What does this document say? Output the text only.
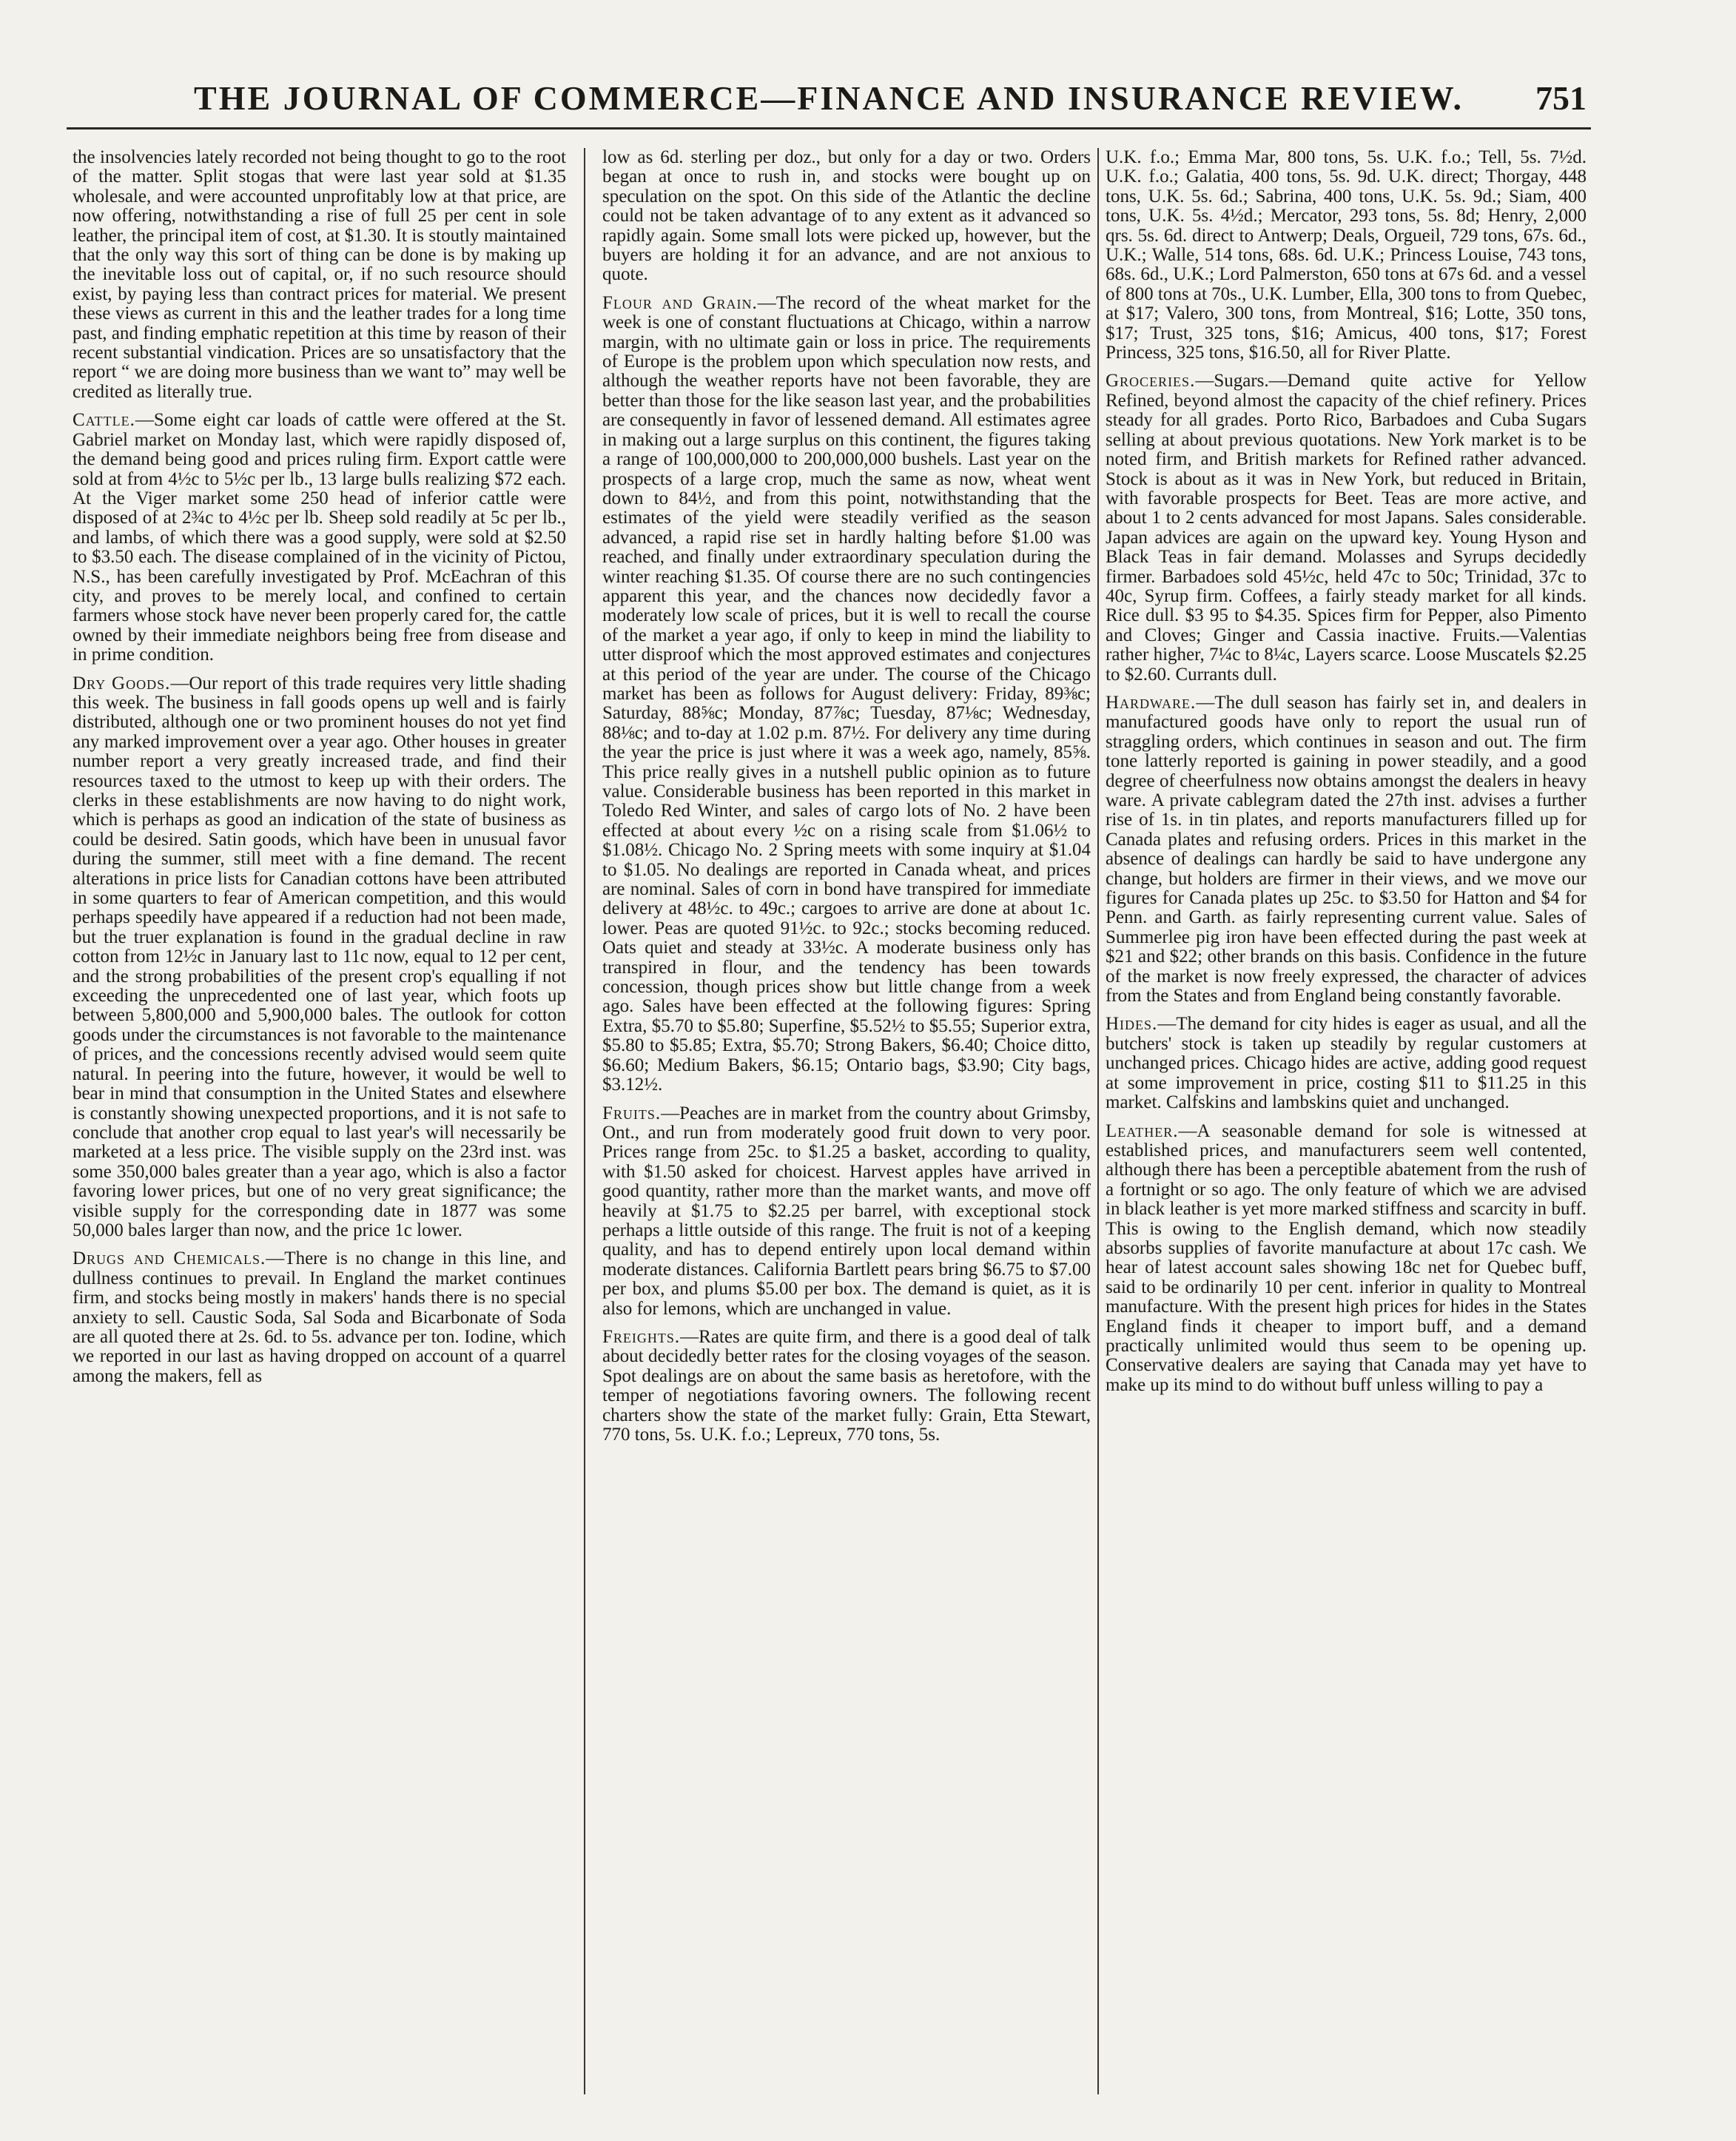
THE JOURNAL OF COMMERCE—FINANCE AND INSURANCE REVIEW.	751

the insolvencies lately recorded not being thought to go to the root of the matter. Split stogas that were last year sold at $1.35 wholesale, and were accounted unprofitably low at that price, are now offering, notwithstanding a rise of full 25 per cent in sole leather, the principal item of cost, at $1.30. It is stoutly maintained that the only way this sort of thing can be done is by making up the inevitable loss out of capital, or, if no such resource should exist, by paying less than contract prices for material. We present these views as current in this and the leather trades for a long time past, and finding emphatic repetition at this time by reason of their recent substantial vindication. Prices are so unsatisfactory that the report “ we are doing more business than we want to” may well be credited as literally true.

Cattle.—Some eight car loads of cattle were offered at the St. Gabriel market on Monday last, which were rapidly disposed of, the demand being good and prices ruling firm. Export cattle were sold at from 4½c to 5½c per lb., 13 large bulls realizing $72 each. At the Viger market some 250 head of inferior cattle were disposed of at 2¾c to 4½c per lb. Sheep sold readily at 5c per lb., and lambs, of which there was a good supply, were sold at $2.50 to $3.50 each. The disease complained of in the vicinity of Pictou, N.S., has been carefully investigated by Prof. McEachran of this city, and proves to be merely local, and confined to certain farmers whose stock have never been properly cared for, the cattle owned by their immediate neighbors being free from disease and in prime condition.

Dry Goods.—Our report of this trade requires very little shading this week. The business in fall goods opens up well and is fairly distributed, although one or two prominent houses do not yet find any marked improvement over a year ago. Other houses in greater number report a very greatly increased trade, and find their resources taxed to the utmost to keep up with their orders. The clerks in these establishments are now having to do night work, which is perhaps as good an indication of the state of business as could be desired. Satin goods, which have been in unusual favor during the summer, still meet with a fine demand. The recent alterations in price lists for Canadian cottons have been attributed in some quarters to fear of American competition, and this would perhaps speedily have appeared if a reduction had not been made, but the truer explanation is found in the gradual decline in raw cotton from 12½c in January last to 11c now, equal to 12 per cent, and the strong probabilities of the present crop's equalling if not exceeding the unprecedented one of last year, which foots up between 5,800,000 and 5,900,000 bales. The outlook for cotton goods under the circumstances is not favorable to the maintenance of prices, and the concessions recently advised would seem quite natural. In peering into the future, however, it would be well to bear in mind that consumption in the United States and elsewhere is constantly showing unexpected proportions, and it is not safe to conclude that another crop equal to last year's will necessarily be marketed at a less price. The visible supply on the 23rd inst. was some 350,000 bales greater than a year ago, which is also a factor favoring lower prices, but one of no very great significance; the visible supply for the corresponding date in 1877 was some 50,000 bales larger than now, and the price 1c lower.

Drugs and Chemicals.—There is no change in this line, and dullness continues to prevail. In England the market continues firm, and stocks being mostly in makers' hands there is no special anxiety to sell. Caustic Soda, Sal Soda and Bicarbonate of Soda are all quoted there at 2s. 6d. to 5s. advance per ton. Iodine, which we reported in our last as having dropped on account of a quarrel among the makers, fell as

low as 6d. sterling per doz., but only for a day or two. Orders began at once to rush in, and stocks were bought up on speculation on the spot. On this side of the Atlantic the decline could not be taken advantage of to any extent as it advanced so rapidly again. Some small lots were picked up, however, but the buyers are holding it for an advance, and are not anxious to quote.

Flour and Grain.—The record of the wheat market for the week is one of constant fluctuations at Chicago, within a narrow margin, with no ultimate gain or loss in price. The requirements of Europe is the problem upon which speculation now rests, and although the weather reports have not been favorable, they are better than those for the like season last year, and the probabilities are consequently in favor of lessened demand. All estimates agree in making out a large surplus on this continent, the figures taking a range of 100,000,000 to 200,000,000 bushels. Last year on the prospects of a large crop, much the same as now, wheat went down to 84½, and from this point, notwithstanding that the estimates of the yield were steadily verified as the season advanced, a rapid rise set in hardly halting before $1.00 was reached, and finally under extraordinary speculation during the winter reaching $1.35. Of course there are no such contingencies apparent this year, and the chances now decidedly favor a moderately low scale of prices, but it is well to recall the course of the market a year ago, if only to keep in mind the liability to utter disproof which the most approved estimates and conjectures at this period of the year are under. The course of the Chicago market has been as follows for August delivery: Friday, 89⅜c; Saturday, 88⅝c; Monday, 87⅞c; Tuesday, 87⅛c; Wednesday, 88⅛c; and to-day at 1.02 p.m. 87½. For delivery any time during the year the price is just where it was a week ago, namely, 85⅝. This price really gives in a nutshell public opinion as to future value. Considerable business has been reported in this market in Toledo Red Winter, and sales of cargo lots of No. 2 have been effected at about every ½c on a rising scale from $1.06½ to $1.08½. Chicago No. 2 Spring meets with some inquiry at $1.04 to $1.05. No dealings are reported in Canada wheat, and prices are nominal. Sales of corn in bond have transpired for immediate delivery at 48½c. to 49c.; cargoes to arrive are done at about 1c. lower. Peas are quoted 91½c. to 92c.; stocks becoming reduced. Oats quiet and steady at 33½c. A moderate business only has transpired in flour, and the tendency has been towards concession, though prices show but little change from a week ago. Sales have been effected at the following figures: Spring Extra, $5.70 to $5.80; Superfine, $5.52½ to $5.55; Superior extra, $5.80 to $5.85; Extra, $5.70; Strong Bakers, $6.40; Choice ditto, $6.60; Medium Bakers, $6.15; Ontario bags, $3.90; City bags, $3.12½.

Fruits.—Peaches are in market from the country about Grimsby, Ont., and run from moderately good fruit down to very poor. Prices range from 25c. to $1.25 a basket, according to quality, with $1.50 asked for choicest. Harvest apples have arrived in good quantity, rather more than the market wants, and move off heavily at $1.75 to $2.25 per barrel, with exceptional stock perhaps a little outside of this range. The fruit is not of a keeping quality, and has to depend entirely upon local demand within moderate distances. California Bartlett pears bring $6.75 to $7.00 per box, and plums $5.00 per box. The demand is quiet, as it is also for lemons, which are unchanged in value.

Freights.—Rates are quite firm, and there is a good deal of talk about decidedly better rates for the closing voyages of the season. Spot dealings are on about the same basis as heretofore, with the temper of negotiations favoring owners. The following recent charters show the state of the market fully: Grain, Etta Stewart, 770 tons, 5s. U.K. f.o.; Lepreux, 770 tons, 5s.

U.K. f.o.; Emma Mar, 800 tons, 5s. U.K. f.o.; Tell, 5s. 7½d. U.K. f.o.; Galatia, 400 tons, 5s. 9d. U.K. direct; Thorgay, 448 tons, U.K. 5s. 6d.; Sabrina, 400 tons, U.K. 5s. 9d.; Siam, 400 tons, U.K. 5s. 4½d.; Mercator, 293 tons, 5s. 8d; Henry, 2,000 qrs. 5s. 6d. direct to Antwerp; Deals, Orgueil, 729 tons, 67s. 6d., U.K.; Walle, 514 tons, 68s. 6d. U.K.; Princess Louise, 743 tons, 68s. 6d., U.K.; Lord Palmerston, 650 tons at 67s 6d. and a vessel of 800 tons at 70s., U.K. Lumber, Ella, 300 tons to from Quebec, at $17; Valero, 300 tons, from Montreal, $16; Lotte, 350 tons, $17; Trust, 325 tons, $16; Amicus, 400 tons, $17; Forest Princess, 325 tons, $16.50, all for River Platte.

Groceries.—Sugars.—Demand quite active for Yellow Refined, beyond almost the capacity of the chief refinery. Prices steady for all grades. Porto Rico, Barbadoes and Cuba Sugars selling at about previous quotations. New York market is to be noted firm, and British markets for Refined rather advanced. Stock is about as it was in New York, but reduced in Britain, with favorable prospects for Beet. Teas are more active, and about 1 to 2 cents advanced for most Japans. Sales considerable. Japan advices are again on the upward key. Young Hyson and Black Teas in fair demand. Molasses and Syrups decidedly firmer. Barbadoes sold 45½c, held 47c to 50c; Trinidad, 37c to 40c, Syrup firm. Coffees, a fairly steady market for all kinds. Rice dull. $3 95 to $4.35. Spices firm for Pepper, also Pimento and Cloves; Ginger and Cassia inactive. Fruits.—Valentias rather higher, 7¼c to 8¼c, Layers scarce. Loose Muscatels $2.25 to $2.60. Currants dull.

Hardware.—The dull season has fairly set in, and dealers in manufactured goods have only to report the usual run of straggling orders, which continues in season and out. The firm tone latterly reported is gaining in power steadily, and a good degree of cheerfulness now obtains amongst the dealers in heavy ware. A private cablegram dated the 27th inst. advises a further rise of 1s. in tin plates, and reports manufacturers filled up for Canada plates and refusing orders. Prices in this market in the absence of dealings can hardly be said to have undergone any change, but holders are firmer in their views, and we move our figures for Canada plates up 25c. to $3.50 for Hatton and $4 for Penn. and Garth. as fairly representing current value. Sales of Summerlee pig iron have been effected during the past week at $21 and $22; other brands on this basis. Confidence in the future of the market is now freely expressed, the character of advices from the States and from England being constantly favorable.

Hides.—The demand for city hides is eager as usual, and all the butchers' stock is taken up steadily by regular customers at unchanged prices. Chicago hides are active, adding good request at some improvement in price, costing $11 to $11.25 in this market. Calfskins and lambskins quiet and unchanged.

Leather.—A seasonable demand for sole is witnessed at established prices, and manufacturers seem well contented, although there has been a perceptible abatement from the rush of a fortnight or so ago. The only feature of which we are advised in black leather is yet more marked stiffness and scarcity in buff. This is owing to the English demand, which now steadily absorbs supplies of favorite manufacture at about 17c cash. We hear of latest account sales showing 18c net for Quebec buff, said to be ordinarily 10 per cent. inferior in quality to Montreal manufacture. With the present high prices for hides in the States England finds it cheaper to import buff, and a demand practically unlimited would thus seem to be opening up. Conservative dealers are saying that Canada may yet have to make up its mind to do without buff unless willing to pay a
